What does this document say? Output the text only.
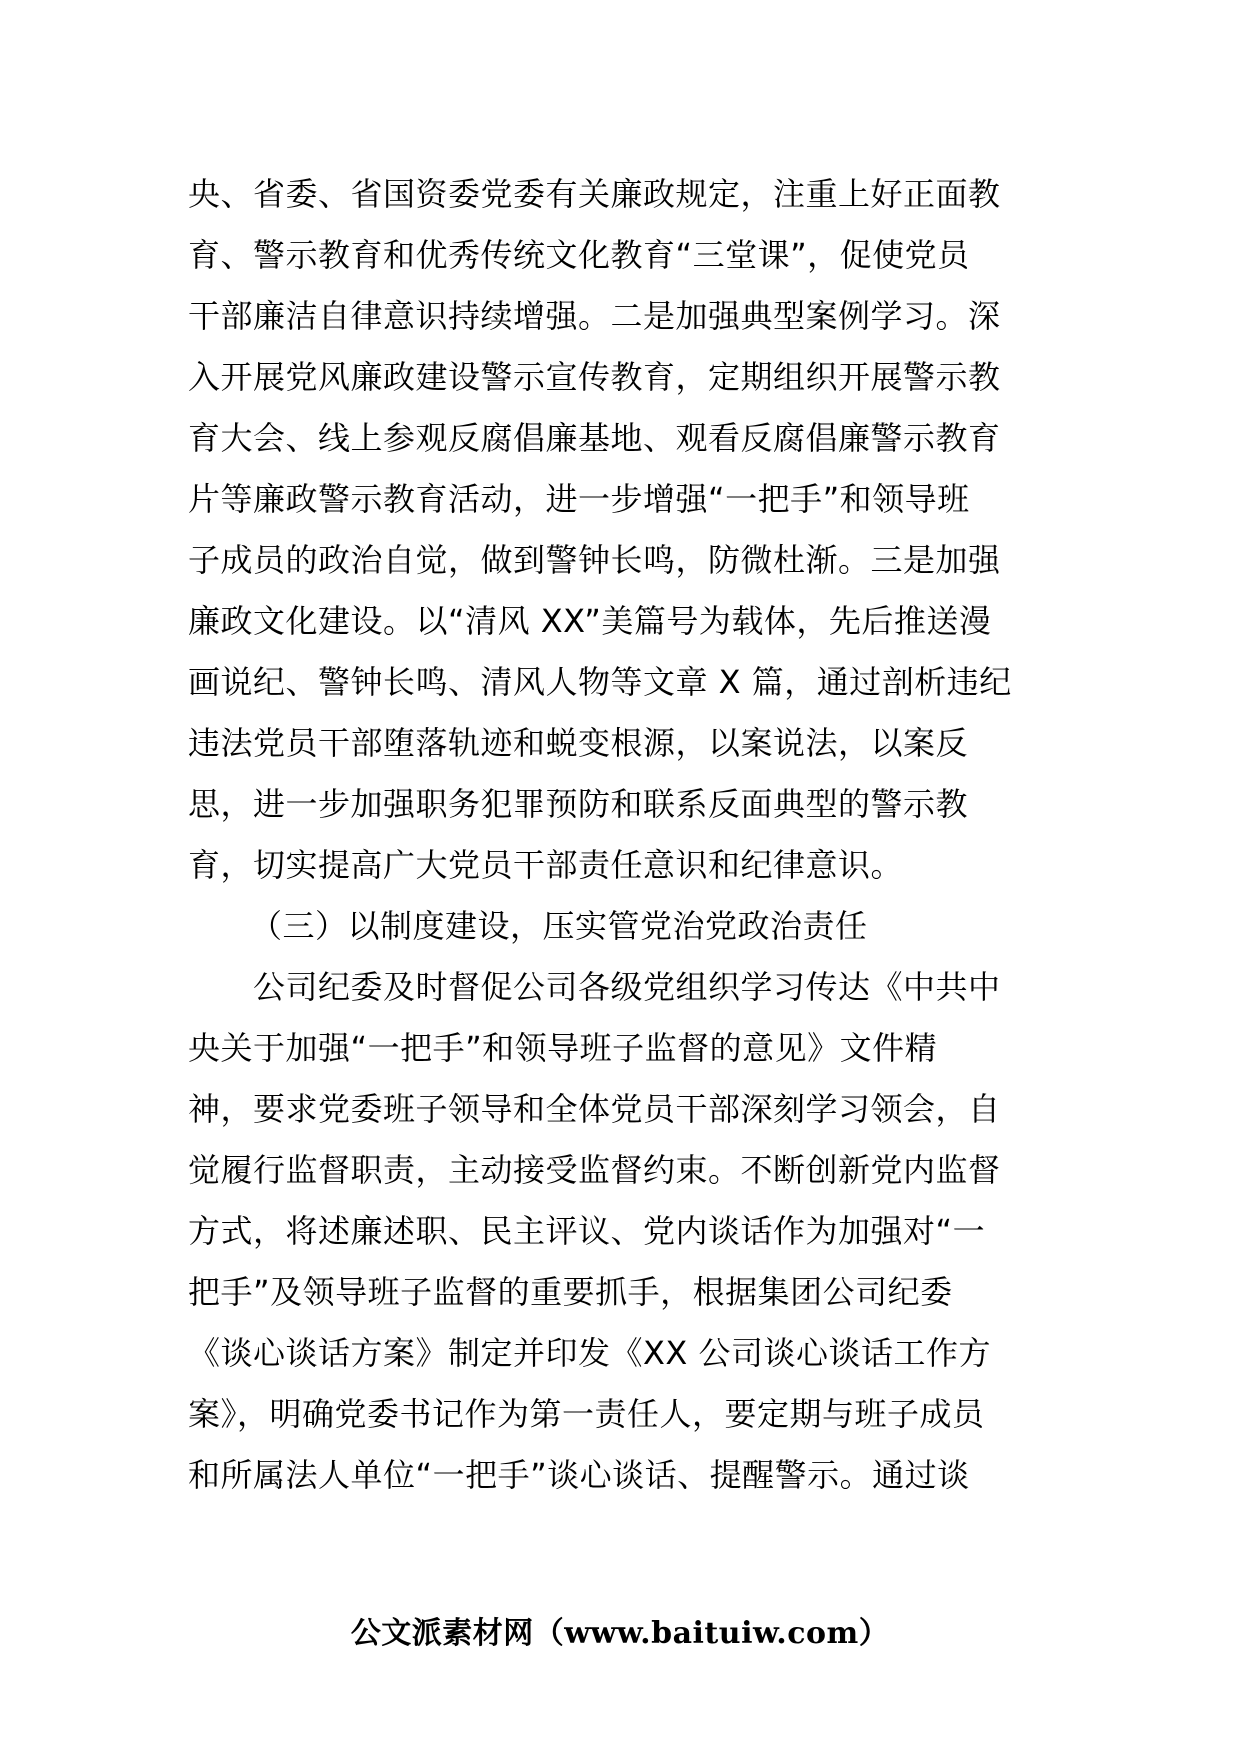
央、省委、省国资委党委有关廉政规定，注重上好正面教
育、警示教育和优秀传统文化教育“三堂课”，促使党员
干部廉洁自律意识持续增强。二是加强典型案例学习。深
入开展党风廉政建设警示宣传教育，定期组织开展警示教
育大会、线上参观反腐倡廉基地、观看反腐倡廉警示教育
片等廉政警示教育活动，进一步增强“一把手”和领导班
子成员的政治自觉，做到警钟长鸣，防微杜渐。三是加强
廉政文化建设。以“清风 XX”美篇号为载体，先后推送漫
画说纪、警钟长鸣、清风人物等文章 X 篇，通过剖析违纪
违法党员干部堕落轨迹和蜕变根源，以案说法，以案反
思，进一步加强职务犯罪预防和联系反面典型的警示教
育，切实提高广大党员干部责任意识和纪律意识。
（三）以制度建设，压实管党治党政治责任
公司纪委及时督促公司各级党组织学习传达《中共中
央关于加强“一把手”和领导班子监督的意见》文件精
神，要求党委班子领导和全体党员干部深刻学习领会，自
觉履行监督职责，主动接受监督约束。不断创新党内监督
方式，将述廉述职、民主评议、党内谈话作为加强对“一
把手”及领导班子监督的重要抓手，根据集团公司纪委
《谈心谈话方案》制定并印发《XX 公司谈心谈话工作方
案》，明确党委书记作为第一责任人，要定期与班子成员
和所属法人单位“一把手”谈心谈话、提醒警示。通过谈
公文派素材网（www.baituiw.com）
